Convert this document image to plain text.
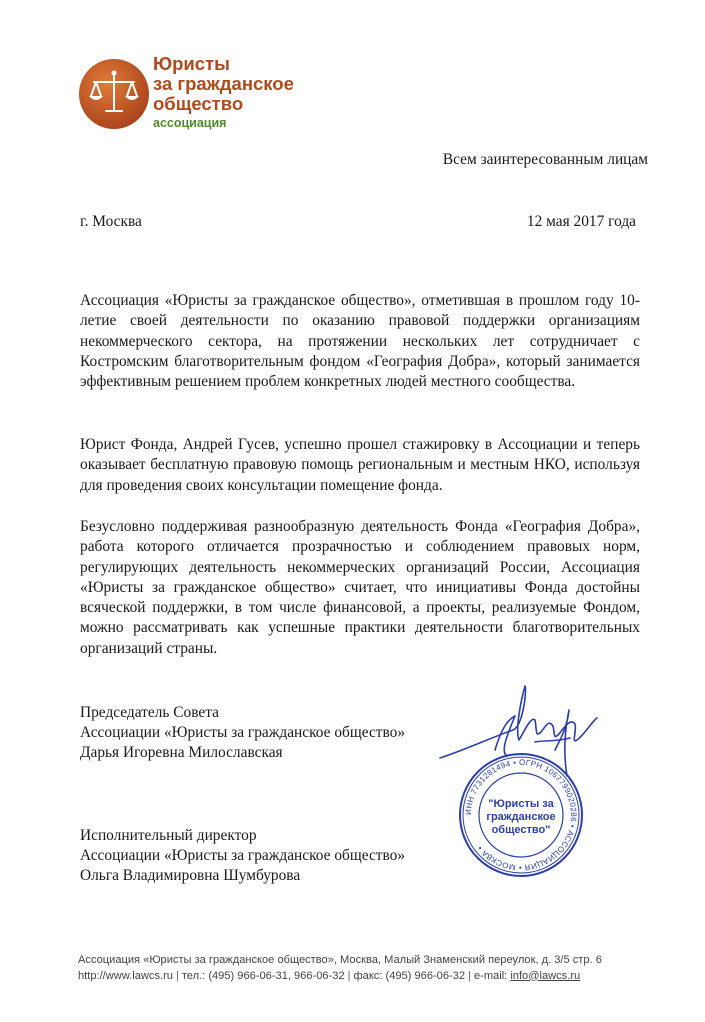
Юристы
за гражданское
общество
ассоциация
Всем заинтересованным лицам
г. Москва	12 мая 2017 года
Ассоциация «Юристы за гражданское общество», отметившая в прошлом году 10-летие своей деятельности по оказанию правовой поддержки организациям некоммерческого сектора, на протяжении нескольких лет сотрудничает с Костромским благотворительным фондом «География Добра», который занимается эффективным решением проблем конкретных людей местного сообщества.
Юрист Фонда, Андрей Гусев, успешно прошел стажировку в Ассоциации и теперь оказывает бесплатную правовую помощь региональным и местным НКО, используя для проведения своих консультации помещение фонда.
Безусловно поддерживая разнообразную деятельность Фонда «География Добра», работа которого отличается прозрачностью и соблюдением правовых норм, регулирующих деятельность некоммерческих организаций России, Ассоциация «Юристы за гражданское общество» считает, что инициативы Фонда достойны всяческой поддержки, в том числе финансовой, а проекты, реализуемые Фондом, можно рассматривать как успешные практики деятельности благотворительных организаций страны.
Председатель Совета
Ассоциации «Юристы за гражданское общество»
Дарья Игоревна Милославская
ИНН 7731281494 • ОГРН 1067799020286 • АССОЦИАЦИЯ • МОСКВА •
"Юристы за
гражданское
общество"
Исполнительный директор
Ассоциации «Юристы за гражданское общество»
Ольга Владимировна Шумбурова
Ассоциация «Юристы за гражданское общество», Москва, Малый Знаменский переулок, д. 3/5 стр. 6
http://www.lawcs.ru | тел.: (495) 966-06-31, 966-06-32 | факс: (495) 966-06-32 | e-mail: info@lawcs.ru
